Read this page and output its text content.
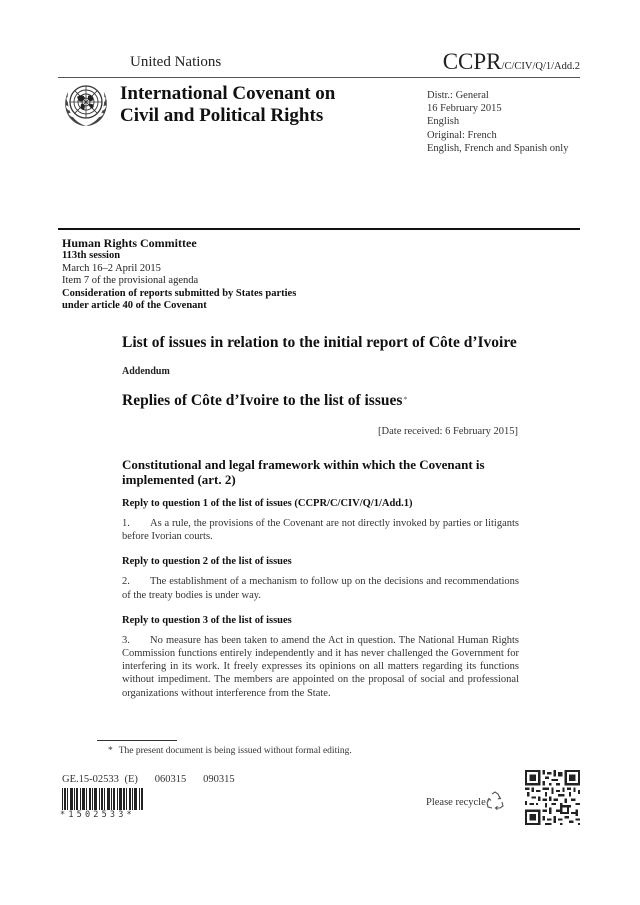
United Nations	CCPR/C/CIV/Q/1/Add.2
International Covenant on
Civil and Political Rights
Distr.: General
16 February 2015
English
Original: French
English, French and Spanish only
Human Rights Committee
113th session
March 16–2 April 2015
Item 7 of the provisional agenda
Consideration of reports submitted by States parties
under article 40 of the Covenant
List of issues in relation to the initial report of Côte d’Ivoire
Addendum
Replies of Côte d’Ivoire to the list of issues*
[Date received: 6 February 2015]
Constitutional and legal framework within which the Covenant is implemented (art. 2)
Reply to question 1 of the list of issues (CCPR/C/CIV/Q/1/Add.1)

1. As a rule, the provisions of the Covenant are not directly invoked by parties or litigants before Ivorian courts.

Reply to question 2 of the list of issues

2. The establishment of a mechanism to follow up on the decisions and recommendations of the treaty bodies is under way.

Reply to question 3 of the list of issues

3. No measure has been taken to amend the Act in question. The National Human Rights Commission functions entirely independently and it has never challenged the Government for interfering in its work. It freely expresses its opinions on all matters regarding its functions without impediment. The members are appointed on the proposal of social and professional organizations without interference from the State.

* The present document is being issued without formal editing.
GE.15-02533 (E)   060315   090315
*1502533*
Please recycle
